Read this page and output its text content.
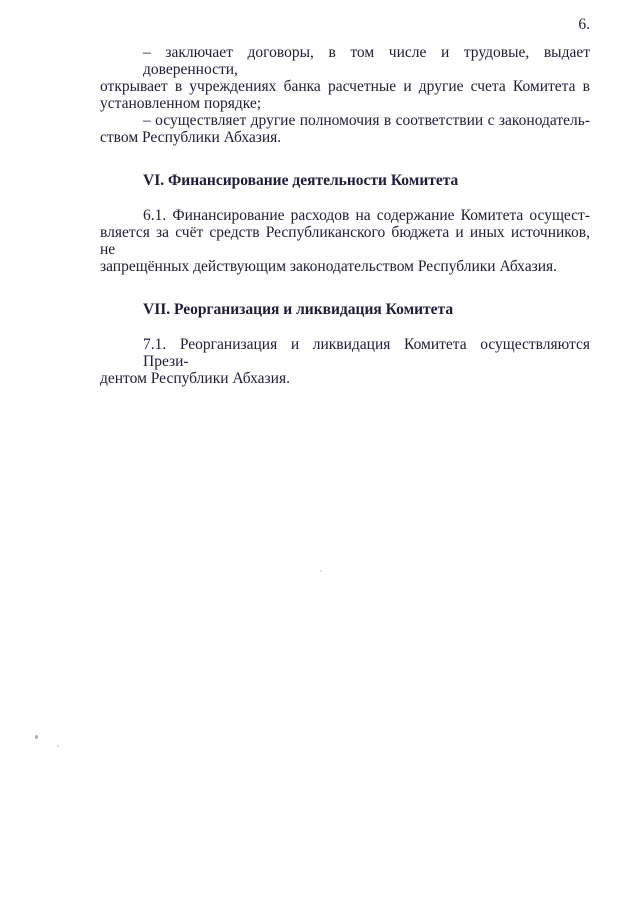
6.

– заключает договоры, в том числе и трудовые, выдает доверенности,
открывает в учреждениях банка расчетные и другие счета Комитета в
установленном порядке;

– осуществляет другие полномочия в соответствии с законодатель-
ством Республики Абхазия.

VI. Финансирование деятельности Комитета

6.1. Финансирование расходов на содержание Комитета осущест-
вляется за счёт средств Республиканского бюджета и иных источников, не
запрещённых действующим законодательством Республики Абхазия.

VII. Реорганизация и ликвидация Комитета

7.1. Реорганизация и ликвидация Комитета осуществляются Прези-
дентом Республики Абхазия.
